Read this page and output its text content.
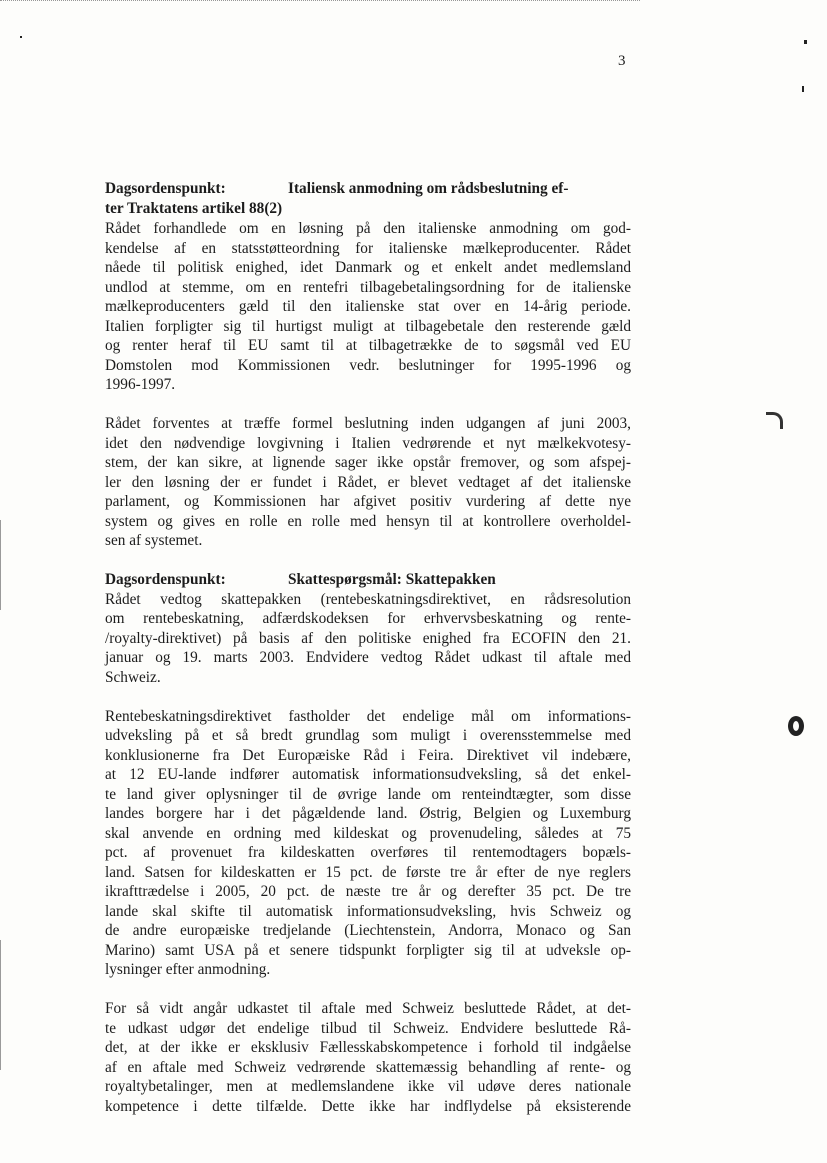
3
Dagsordenspunkt:	Italiensk anmodning om rådsbeslutning ef-
ter Traktatens artikel 88(2)
Rådet forhandlede om en løsning på den italienske anmodning om god-
kendelse af en statsstøtteordning for italienske mælkeproducenter. Rådet
nåede til politisk enighed, idet Danmark og et enkelt andet medlemsland
undlod at stemme, om en rentefri tilbagebetalingsordning for de italienske
mælkeproducenters gæld til den italienske stat over en 14-årig periode.
Italien forpligter sig til hurtigst muligt at tilbagebetale den resterende gæld
og renter heraf til EU samt til at tilbagetrække de to søgsmål ved EU
Domstolen mod Kommissionen vedr. beslutninger for 1995-1996 og
1996-1997.
Rådet forventes at træffe formel beslutning inden udgangen af juni 2003,
idet den nødvendige lovgivning i Italien vedrørende et nyt mælkekvotesy-
stem, der kan sikre, at lignende sager ikke opstår fremover, og som afspej-
ler den løsning der er fundet i Rådet, er blevet vedtaget af det italienske
parlament, og Kommissionen har afgivet positiv vurdering af dette nye
system og gives en rolle en rolle med hensyn til at kontrollere overholdel-
sen af systemet.
Dagsordenspunkt:	Skattespørgsmål: Skattepakken
Rådet vedtog skattepakken (rentebeskatningsdirektivet, en rådsresolution
om rentebeskatning, adfærdskodeksen for erhvervsbeskatning og rente-
/royalty-direktivet) på basis af den politiske enighed fra ECOFIN den 21.
januar og 19. marts 2003. Endvidere vedtog Rådet udkast til aftale med
Schweiz.
Rentebeskatningsdirektivet fastholder det endelige mål om informations-
udveksling på et så bredt grundlag som muligt i overensstemmelse med
konklusionerne fra Det Europæiske Råd i Feira. Direktivet vil indebære,
at 12 EU-lande indfører automatisk informationsudveksling, så det enkel-
te land giver oplysninger til de øvrige lande om renteindtægter, som disse
landes borgere har i det pågældende land. Østrig, Belgien og Luxemburg
skal anvende en ordning med kildeskat og provenudeling, således at 75
pct. af provenuet fra kildeskatten overføres til rentemodtagers bopæls-
land. Satsen for kildeskatten er 15 pct. de første tre år efter de nye reglers
ikrafttrædelse i 2005, 20 pct. de næste tre år og derefter 35 pct. De tre
lande skal skifte til automatisk informationsudveksling, hvis Schweiz og
de andre europæiske tredjelande (Liechtenstein, Andorra, Monaco og San
Marino) samt USA på et senere tidspunkt forpligter sig til at udveksle op-
lysninger efter anmodning.
For så vidt angår udkastet til aftale med Schweiz besluttede Rådet, at det-
te udkast udgør det endelige tilbud til Schweiz. Endvidere besluttede Rå-
det, at der ikke er eksklusiv Fællesskabskompetence i forhold til indgåelse
af en aftale med Schweiz vedrørende skattemæssig behandling af rente- og
royaltybetalinger, men at medlemslandene ikke vil udøve deres nationale
kompetence i dette tilfælde. Dette ikke har indflydelse på eksisterende
